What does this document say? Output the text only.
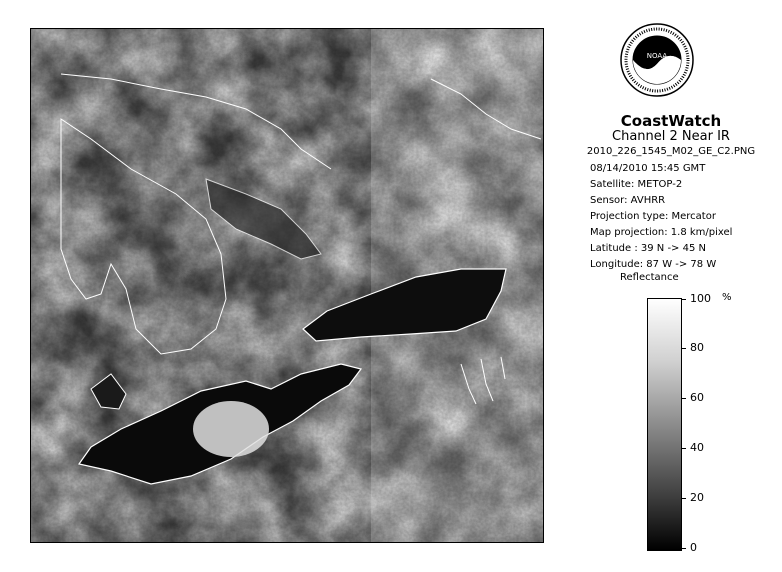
NOAA
CoastWatch
Channel 2 Near IR
2010_226_1545_M02_GE_C2.PNG
08/14/2010 15:45 GMT
Satellite: METOP-2
Sensor: AVHRR
Projection type: Mercator
Map projection: 1.8 km/pixel
Latitude : 39 N -> 45 N
Longitude: 87 W -> 78 W
Reflectance
%
100
80
60
40
20
0
